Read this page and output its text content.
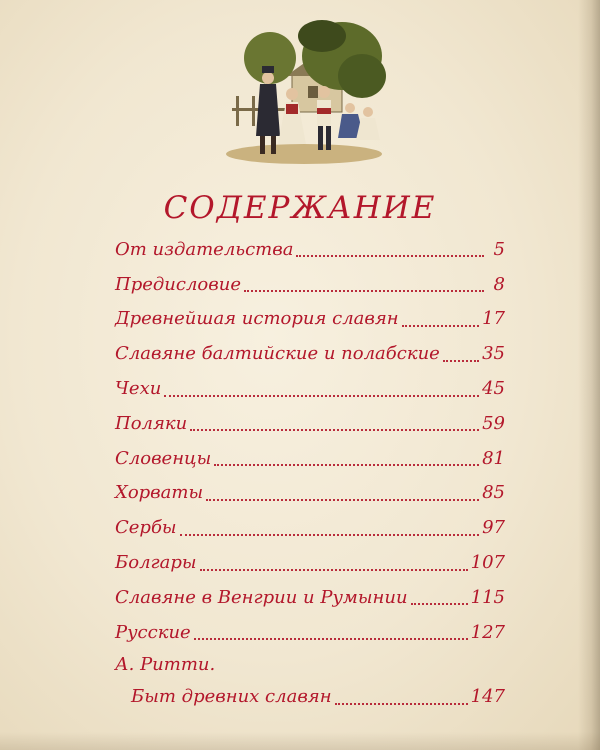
СОДЕРЖАНИЕ
От издательства	5
Предисловие	8
Древнейшая история славян	17
Славяне балтийские и полабские 35
Чехи	45
Поляки	59
Словенцы	81
Хорваты	85
Сербы	97
Болгары	107
Славяне в Венгрии и Румынии	115
Русские	127
А. Ритти.
Быт древних славян	147
